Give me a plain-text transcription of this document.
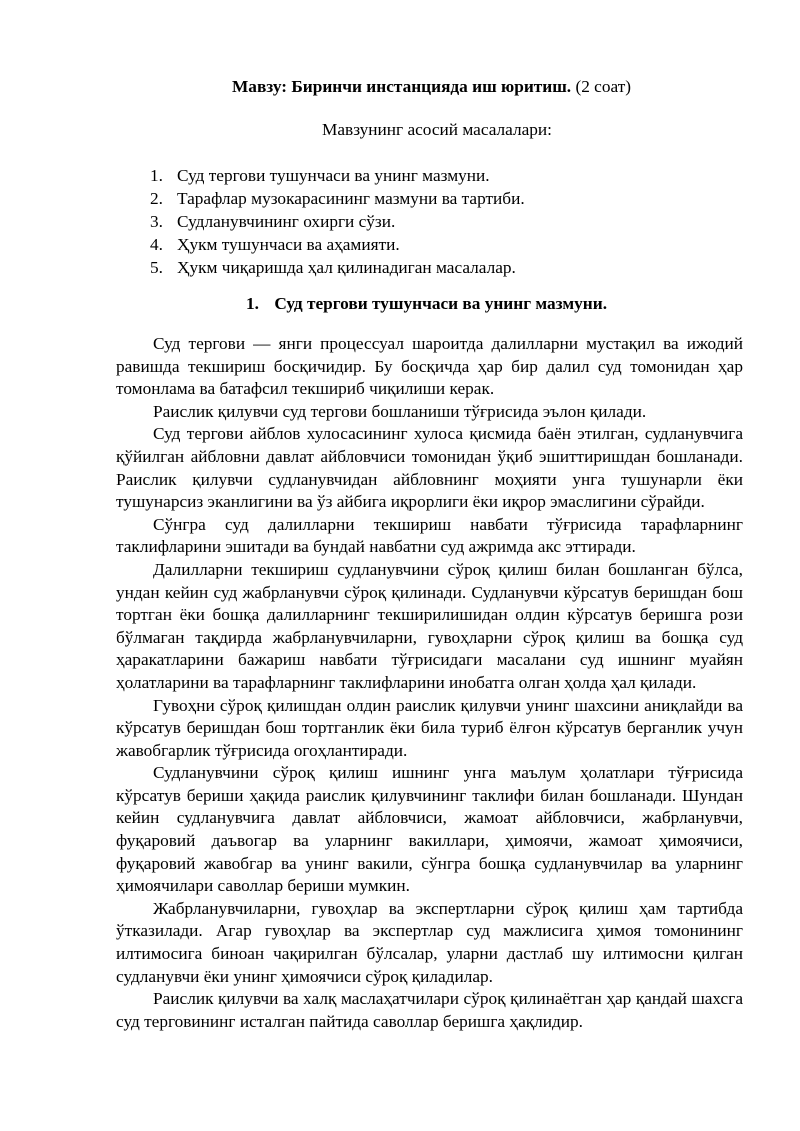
Мавзу: Биринчи инстанцияда иш юритиш. (2 соат)
Мавзунинг асосий масалалари:
1. Суд тергови тушунчаси ва унинг мазмуни.
2. Тарафлар музокарасининг мазмуни ва тартиби.
3. Судланувчининг охирги сўзи.
4. Ҳукм тушунчаси ва аҳамияти.
5. Ҳукм чиқаришда ҳал қилинадиган масалалар.
1. Суд тергови тушунчаси ва унинг мазмуни.

Суд тергови — янги процессуал шароитда далилларни мустақил ва ижодий равишда текшириш босқичидир. Бу босқичда ҳар бир далил суд томонидан ҳар томонлама ва батафсил текшириб чиқилиши керак.

Раислик қилувчи суд тергови бошланиши тўғрисида эълон қилади.

Суд тергови айблов хулосасининг хулоса қисмида баён этилган, судланувчига қўйилган айбловни давлат айбловчиси томонидан ўқиб эшиттиришдан бошланади. Раислик қилувчи судланувчидан айбловнинг моҳияти унга тушунарли ёки тушунарсиз эканлигини ва ўз айбига иқрорлиги ёки иқрор эмаслигини сўрайди.

Сўнгра суд далилларни текшириш навбати тўғрисида тарафларнинг таклифларини эшитади ва бундай навбатни суд ажримда акс эттиради.

Далилларни текшириш судланувчини сўроқ қилиш билан бошланган бўлса, ундан кейин суд жабрланувчи сўроқ қилинади. Судланувчи кўрсатув беришдан бош тортган ёки бошқа далилларнинг текширилишидан олдин кўрсатув беришга рози бўлмаган тақдирда жабрланувчиларни, гувоҳларни сўроқ қилиш ва бошқа суд ҳаракатларини бажариш навбати тўғрисидаги масалани суд ишнинг муайян ҳолатларини ва тарафларнинг таклифларини инобатга олган ҳолда ҳал қилади.

Гувоҳни сўроқ қилишдан олдин раислик қилувчи унинг шахсини аниқлайди ва кўрсатув беришдан бош тортганлик ёки била туриб ёлғон кўрсатув берганлик учун жавобгарлик тўғрисида огоҳлантиради.

Судланувчини сўроқ қилиш ишнинг унга маълум ҳолатлари тўғрисида кўрсатув бериши ҳақида раислик қилувчининг таклифи билан бошланади. Шундан кейин судланувчига давлат айбловчиси, жамоат айбловчиси, жабрланувчи, фуқаровий даъвогар ва уларнинг вакиллари, ҳимоячи, жамоат ҳимоячиси, фуқаровий жавобгар ва унинг вакили, сўнгра бошқа судланувчилар ва уларнинг ҳимоячилари саволлар бериши мумкин.

Жабрланувчиларни, гувоҳлар ва экспертларни сўроқ қилиш ҳам тартибда ўтказилади. Агар гувоҳлар ва экспертлар суд мажлисига ҳимоя томонининг илтимосига биноан чақирилган бўлсалар, уларни дастлаб шу илтимосни қилган судланувчи ёки унинг ҳимоячиси сўроқ қиладилар.

Раислик қилувчи ва халқ маслаҳатчилари сўроқ қилинаётган ҳар қандай шахсга суд терговининг исталган пайтида саволлар беришга ҳақлидир.
